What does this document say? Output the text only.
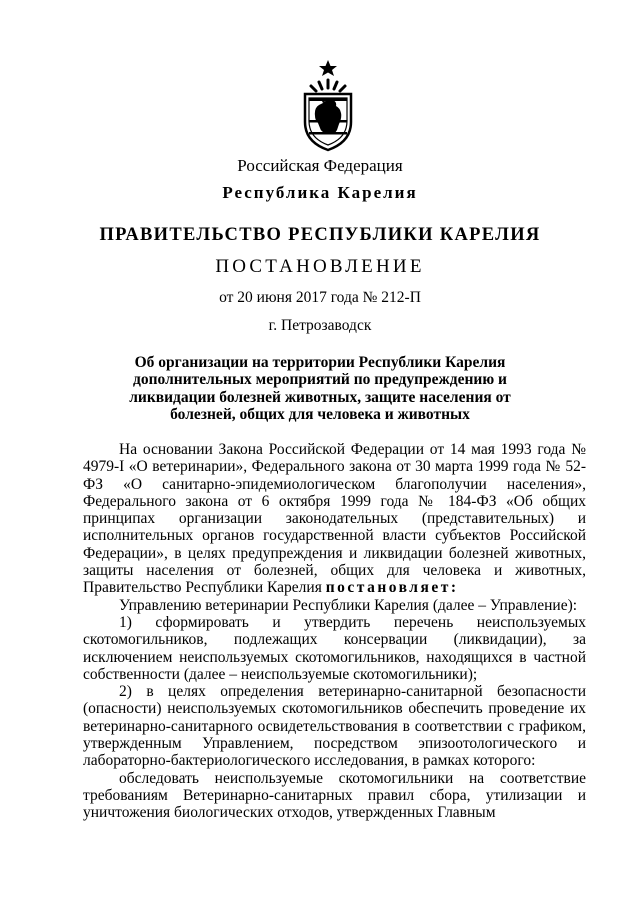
Российская Федерация
Республика Карелия
ПРАВИТЕЛЬСТВО РЕСПУБЛИКИ КАРЕЛИЯ
ПОСТАНОВЛЕНИЕ
от 20 июня 2017 года № 212-П
г. Петрозаводск
Об организации на территории Республики Карелия дополнительных мероприятий по предупреждению и ликвидации болезней животных, защите населения от болезней, общих для человека и животных

На основании Закона Российской Федерации от 14 мая 1993 года № 4979-I «О ветеринарии», Федерального закона от 30 марта 1999 года № 52-ФЗ «О санитарно-эпидемиологическом благополучии населения», Федерального закона от 6 октября 1999 года № 184-ФЗ «Об общих принципах организации законодательных (представительных) и исполнительных органов государственной власти субъектов Российской Федерации», в целях предупреждения и ликвидации болезней животных, защиты населения от болезней, общих для человека и животных, Правительство Республики Карелия постановляет:

Управлению ветеринарии Республики Карелия (далее – Управление):

1) сформировать и утвердить перечень неиспользуемых скотомогильников, подлежащих консервации (ликвидации), за исключением неиспользуемых скотомогильников, находящихся в частной собственности (далее – неиспользуемые скотомогильники);

2) в целях определения ветеринарно-санитарной безопасности (опасности) неиспользуемых скотомогильников обеспечить проведение их ветеринарно-санитарного освидетельствования в соответствии с графиком, утвержденным Управлением, посредством эпизоотологического и лабораторно-бактериологического исследования, в рамках которого:

обследовать неиспользуемые скотомогильники на соответствие требованиям Ветеринарно-санитарных правил сбора, утилизации и уничтожения биологических отходов, утвержденных Главным
